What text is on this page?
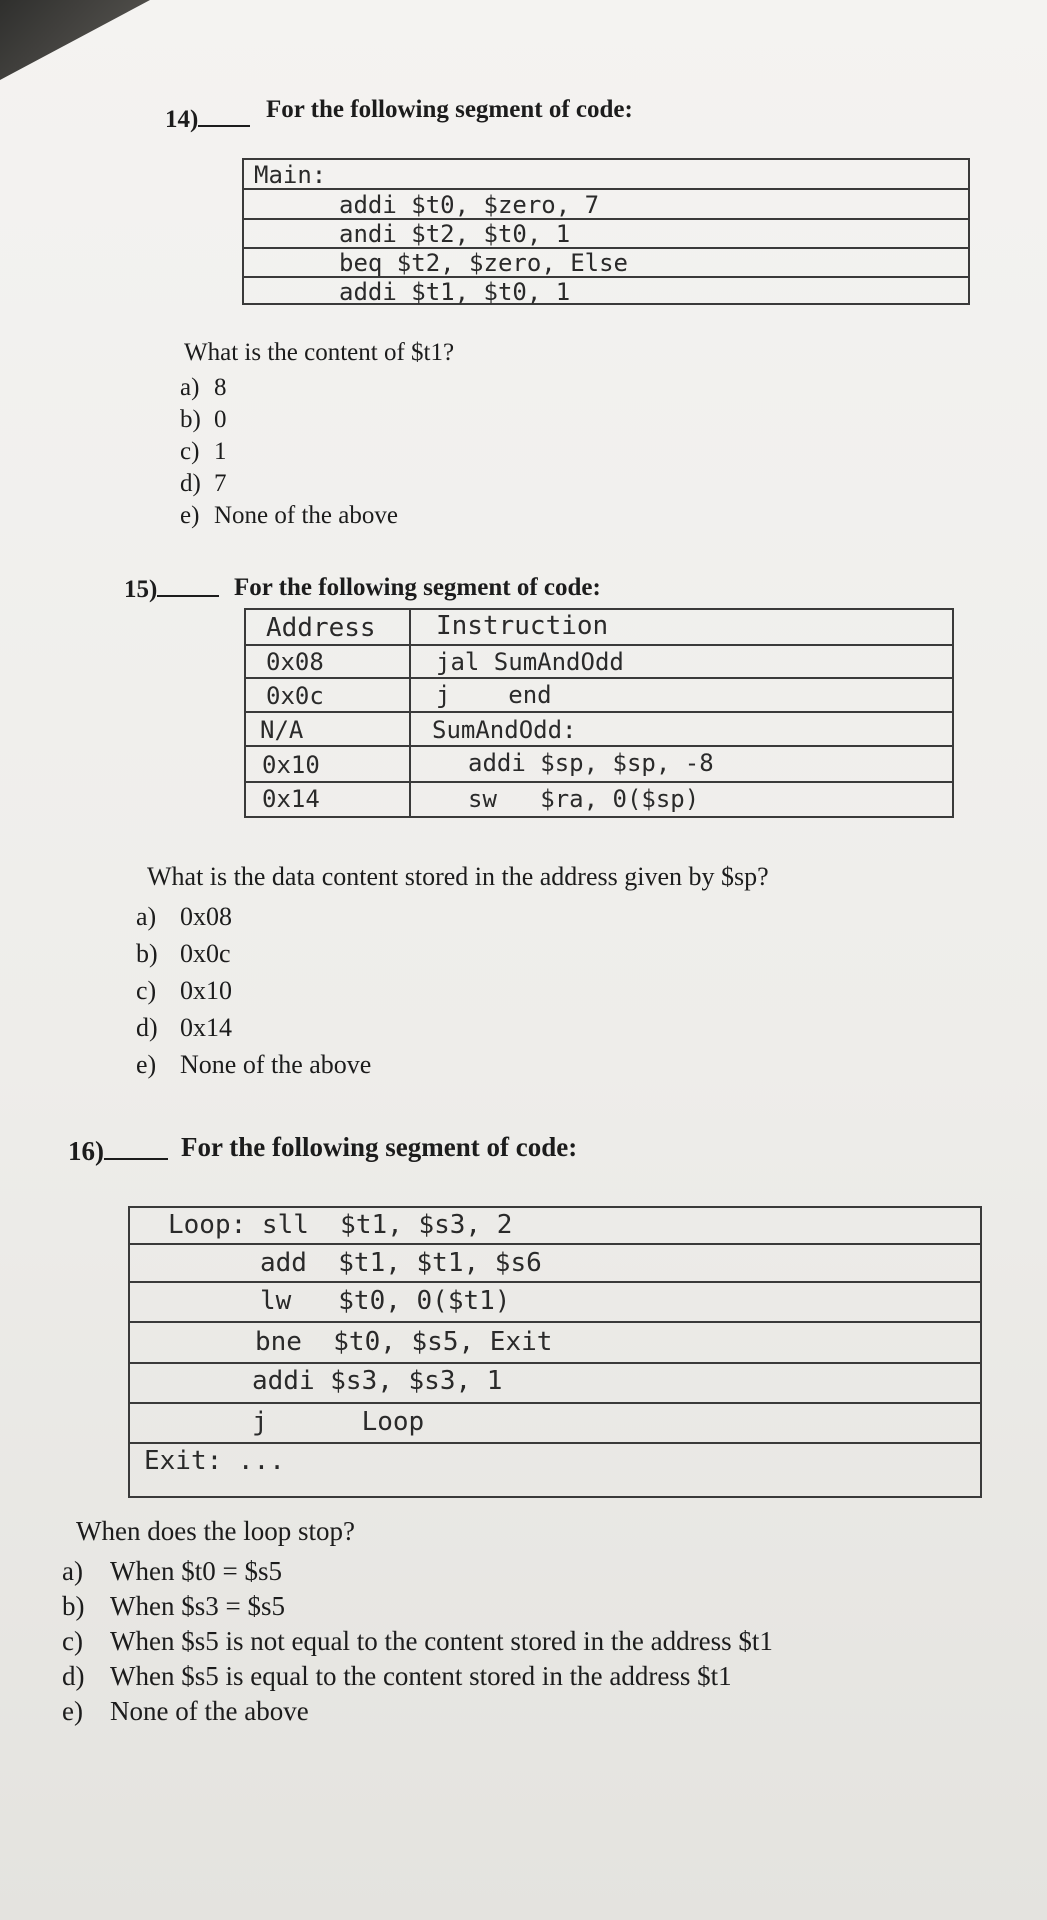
14)	For the following segment of code:
Main:
addi $t0, $zero, 7
andi $t2, $t0, 1
beq $t2, $zero, Else
addi $t1, $t0, 1
What is the content of $t1?
a) 8
b) 0
c) 1
d) 7
e) None of the above
15)	For the following segment of code:
Address Instruction
0x08	jal SumAndOdd
0x0c	j    end
N/A	SumAndOdd:
0x10	addi $sp, $sp, -8
0x14	sw   $ra, 0($sp)
What is the data content stored in the address given by $sp?
a) 0x08
b) 0x0c
c) 0x10
d) 0x14
e) None of the above
16)	For the following segment of code:
Loop: sll  $t1, $s3, 2
add  $t1, $t1, $s6
lw   $t0, 0($t1)
bne  $t0, $s5, Exit
addi $s3, $s3, 1
j      Loop
Exit: ...
When does the loop stop?
a) When $t0 = $s5
b) When $s3 = $s5
c) When $s5 is not equal to the content stored in the address $t1
d) When $s5 is equal to the content stored in the address $t1
e) None of the above
